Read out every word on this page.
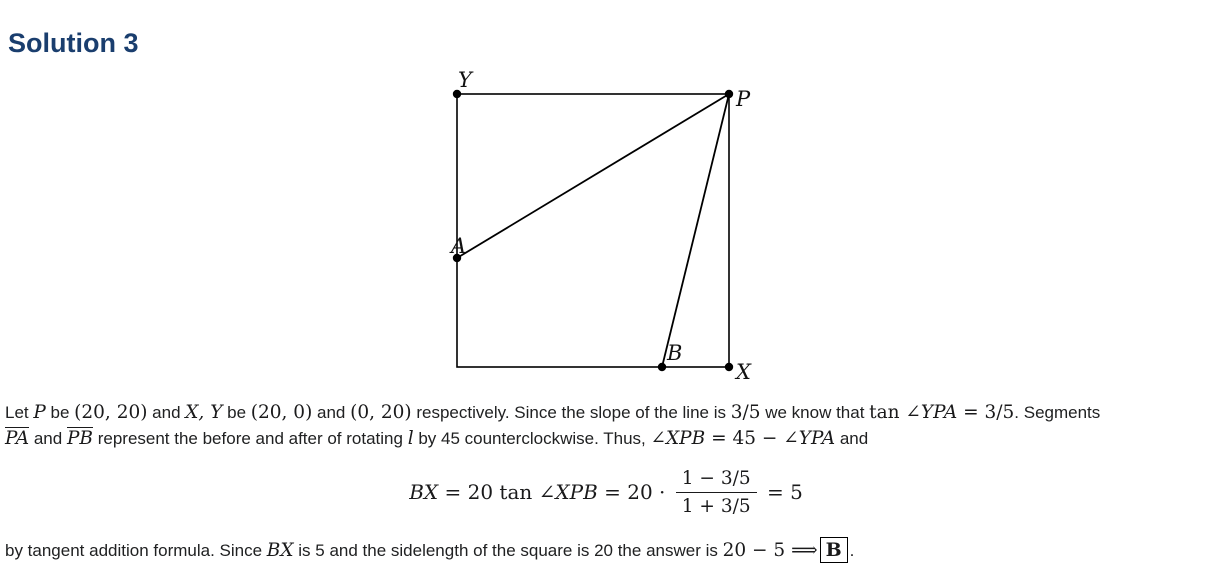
Solution 3
Y
P
A
B
X
Let P be (20, 20) and X, Y be (20, 0) and (0, 20) respectively. Since the slope of the line is 3/5 we know that tan ∠YPA = 3/5. Segments
PA and PB represent the before and after of rotating l by 45 counterclockwise. Thus, ∠XPB = 45 − ∠YPA and
BX = 20 tan ∠ XPB = $20 \cdot \frac{1 - 3/5}{1 + 3/5} = 5$
by tangent addition formula. Since BX is 5 and the sidelength of the square is 20 the answer is 20 − 5 ⟹ B .
